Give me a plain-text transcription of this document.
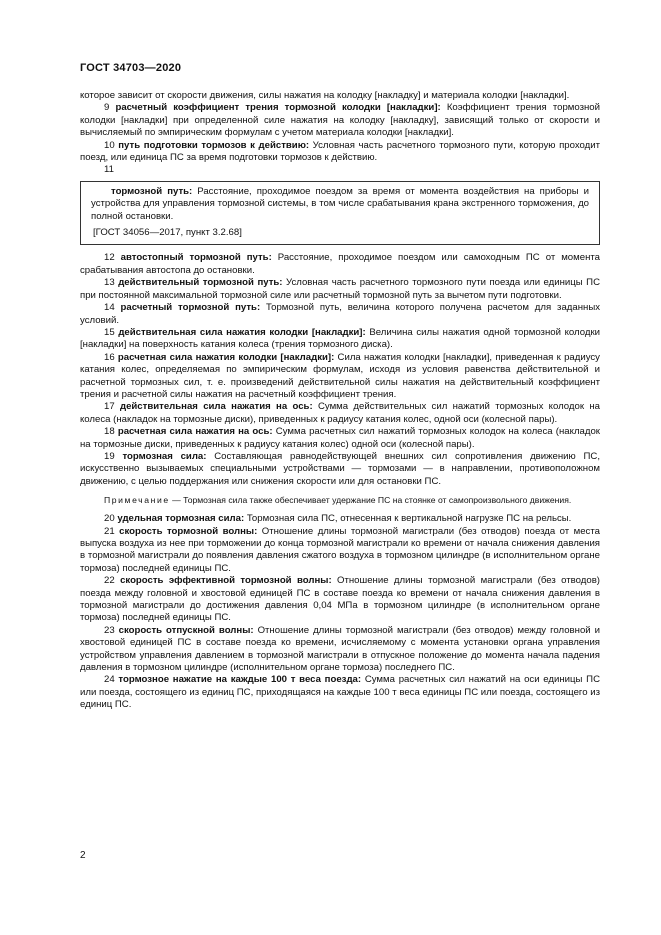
ГОСТ 34703—2020

которое зависит от скорости движения, силы нажатия на колодку [накладку] и материала колодки [накладки].

9 расчетный коэффициент трения тормозной колодки [накладки]: Коэффициент трения тормозной колодки [накладки] при определенной силе нажатия на колодку [накладку], зависящий только от скорости и вычисляемый по эмпирическим формулам с учетом материала колодки [накладки].

10 путь подготовки тормозов к действию: Условная часть расчетного тормозного пути, которую проходит поезд, или единица ПС за время подготовки тормозов к действию.

11

тормозной путь: Расстояние, проходимое поездом за время от момента воздействия на приборы и устройства для управления тормозной системы, в том числе срабатывания крана экстренного торможения, до полной остановки.

[ГОСТ 34056—2017, пункт 3.2.68]

12 автостопный тормозной путь: Расстояние, проходимое поездом или самоходным ПС от момента срабатывания автостопа до остановки.

13 действительный тормозной путь: Условная часть расчетного тормозного пути поезда или единицы ПС при постоянной максимальной тормозной силе или расчетный тормозной путь за вычетом пути подготовки.

14 расчетный тормозной путь: Тормозной путь, величина которого получена расчетом для заданных условий.

15 действительная сила нажатия колодки [накладки]: Величина силы нажатия одной тормозной колодки [накладки] на поверхность катания колеса (трения тормозного диска).

16 расчетная сила нажатия колодки [накладки]: Сила нажатия колодки [накладки], приведенная к радиусу катания колес, определяемая по эмпирическим формулам, исходя из условия равенства действительной и расчетной тормозных сил, т. е. произведений действительной силы нажатия на действительный коэффициент трения и расчетной силы нажатия на расчетный коэффициент трения.

17 действительная сила нажатия на ось: Сумма действительных сил нажатий тормозных колодок на колеса (накладок на тормозные диски), приведенных к радиусу катания колес, одной оси (колесной пары).

18 расчетная сила нажатия на ось: Сумма расчетных сил нажатий тормозных колодок на колеса (накладок на тормозные диски, приведенных к радиусу катания колес) одной оси (колесной пары).

19 тормозная сила: Составляющая равнодействующей внешних сил сопротивления движению ПС, искусственно вызываемых специальными устройствами — тормозами — в направлении, противоположном движению, с целью поддержания или снижения скорости или для остановки ПС.

Примечание — Тормозная сила также обеспечивает удержание ПС на стоянке от самопроизвольного движения.

20 удельная тормозная сила: Тормозная сила ПС, отнесенная к вертикальной нагрузке ПС на рельсы.

21 скорость тормозной волны: Отношение длины тормозной магистрали (без отводов) поезда от места выпуска воздуха из нее при торможении до конца тормозной магистрали ко времени от начала снижения давления в тормозной магистрали до появления давления сжатого воздуха в тормозном цилиндре (в исполнительном органе тормоза) последней единицы ПС.

22 скорость эффективной тормозной волны: Отношение длины тормозной магистрали (без отводов) поезда между головной и хвостовой единицей ПС в составе поезда ко времени от начала снижения давления в тормозной магистрали до достижения давления 0,04 МПа в тормозном цилиндре (в исполнительном органе тормоза) последней единицы ПС.

23 скорость отпускной волны: Отношение длины тормозной магистрали (без отводов) между головной и хвостовой единицей ПС в составе поезда ко времени, исчисляемому с момента установки органа управления устройством управления давлением в тормозной магистрали в отпускное положение до момента начала падения давления в тормозном цилиндре (исполнительном органе тормоза) последнего ПС.

24 тормозное нажатие на каждые 100 т веса поезда: Сумма расчетных сил нажатий на оси единицы ПС или поезда, состоящего из единиц ПС, приходящаяся на каждые 100 т веса единицы ПС или поезда, состоящего из единиц ПС.

2
